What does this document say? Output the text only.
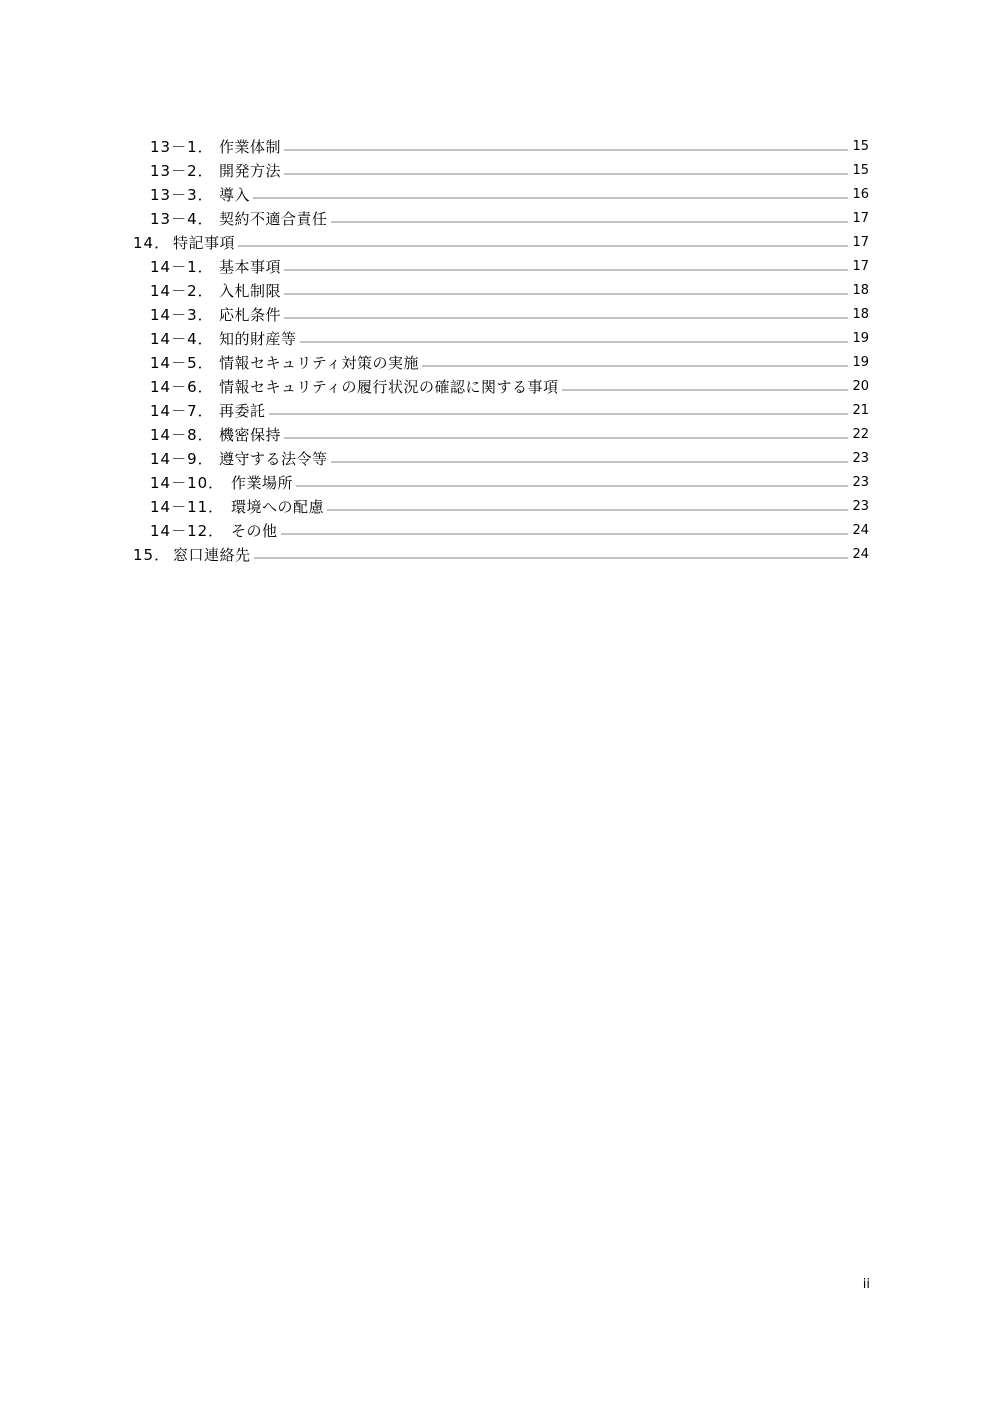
13－1． 作業体制	15
13－2． 開発方法	15
13－3． 導入	16
13－4． 契約不適合責任	17
14． 特記事項	17
14－1． 基本事項	17
14－2． 入札制限	18
14－3． 応札条件	18
14－4． 知的財産等	19
14－5． 情報セキュリティ対策の実施	19
14－6． 情報セキュリティの履行状況の確認に関する事項	20
14－7． 再委託	21
14－8． 機密保持	22
14－9． 遵守する法令等	23
14－10． 作業場所	23
14－11． 環境への配慮	23
14－12． その他	24
15． 窓口連絡先	24
ii
